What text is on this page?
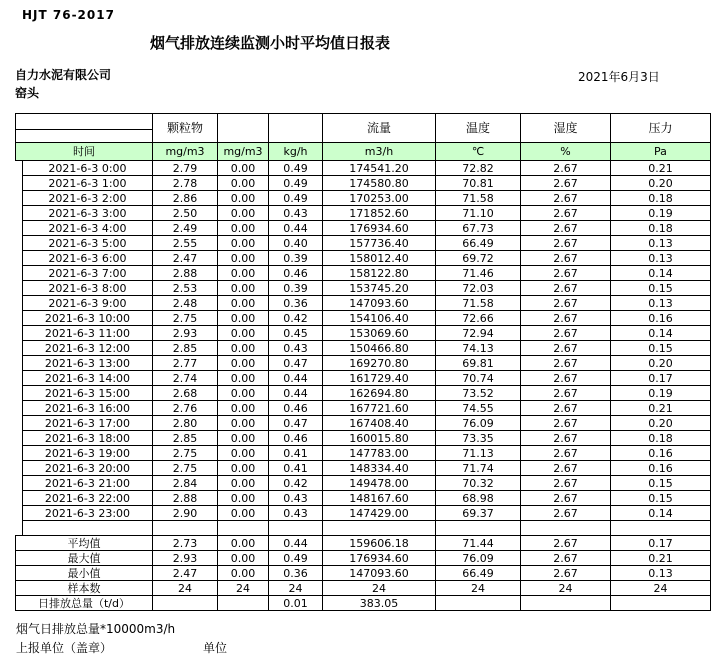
HJT 76-2017
烟气排放连续监测小时平均值日报表
自力水泥有限公司
窑头
2021年6月3日
		颗粒物			流量	温度	湿度	压力

时间		mg/m3	mg/m3	kg/h	m3/h	℃	%	Pa
	2021-6-3 0:00	2.79	0.00	0.49	174541.20	72.82	2.67	0.21
	2021-6-3 1:00	2.78	0.00	0.49	174580.80	70.81	2.67	0.20
	2021-6-3 2:00	2.86	0.00	0.49	170253.00	71.58	2.67	0.18
	2021-6-3 3:00	2.50	0.00	0.43	171852.60	71.10	2.67	0.19
	2021-6-3 4:00	2.49	0.00	0.44	176934.60	67.73	2.67	0.18
	2021-6-3 5:00	2.55	0.00	0.40	157736.40	66.49	2.67	0.13
	2021-6-3 6:00	2.47	0.00	0.39	158012.40	69.72	2.67	0.13
	2021-6-3 7:00	2.88	0.00	0.46	158122.80	71.46	2.67	0.14
	2021-6-3 8:00	2.53	0.00	0.39	153745.20	72.03	2.67	0.15
	2021-6-3 9:00	2.48	0.00	0.36	147093.60	71.58	2.67	0.13
	2021-6-3 10:00	2.75	0.00	0.42	154106.40	72.66	2.67	0.16
	2021-6-3 11:00	2.93	0.00	0.45	153069.60	72.94	2.67	0.14
	2021-6-3 12:00	2.85	0.00	0.43	150466.80	74.13	2.67	0.15
	2021-6-3 13:00	2.77	0.00	0.47	169270.80	69.81	2.67	0.20
	2021-6-3 14:00	2.74	0.00	0.44	161729.40	70.74	2.67	0.17
	2021-6-3 15:00	2.68	0.00	0.44	162694.80	73.52	2.67	0.19
	2021-6-3 16:00	2.76	0.00	0.46	167721.60	74.55	2.67	0.21
	2021-6-3 17:00	2.80	0.00	0.47	167408.40	76.09	2.67	0.20
	2021-6-3 18:00	2.85	0.00	0.46	160015.80	73.35	2.67	0.18
	2021-6-3 19:00	2.75	0.00	0.41	147783.00	71.13	2.67	0.16
	2021-6-3 20:00	2.75	0.00	0.41	148334.40	71.74	2.67	0.16
	2021-6-3 21:00	2.84	0.00	0.42	149478.00	70.32	2.67	0.15
	2021-6-3 22:00	2.88	0.00	0.43	148167.60	68.98	2.67	0.15
	2021-6-3 23:00	2.90	0.00	0.43	147429.00	69.37	2.67	0.14

平均值		2.73	0.00	0.44	159606.18	71.44	2.67	0.17
最大值		2.93	0.00	0.49	176934.60	76.09	2.67	0.21
最小值		2.47	0.00	0.36	147093.60	66.49	2.67	0.13
样本数		24	24	24	24	24	24	24
日排放总量（t/d）				0.01	383.05			
烟气日排放总量*10000m3/h
上报单位（盖章）	单位
